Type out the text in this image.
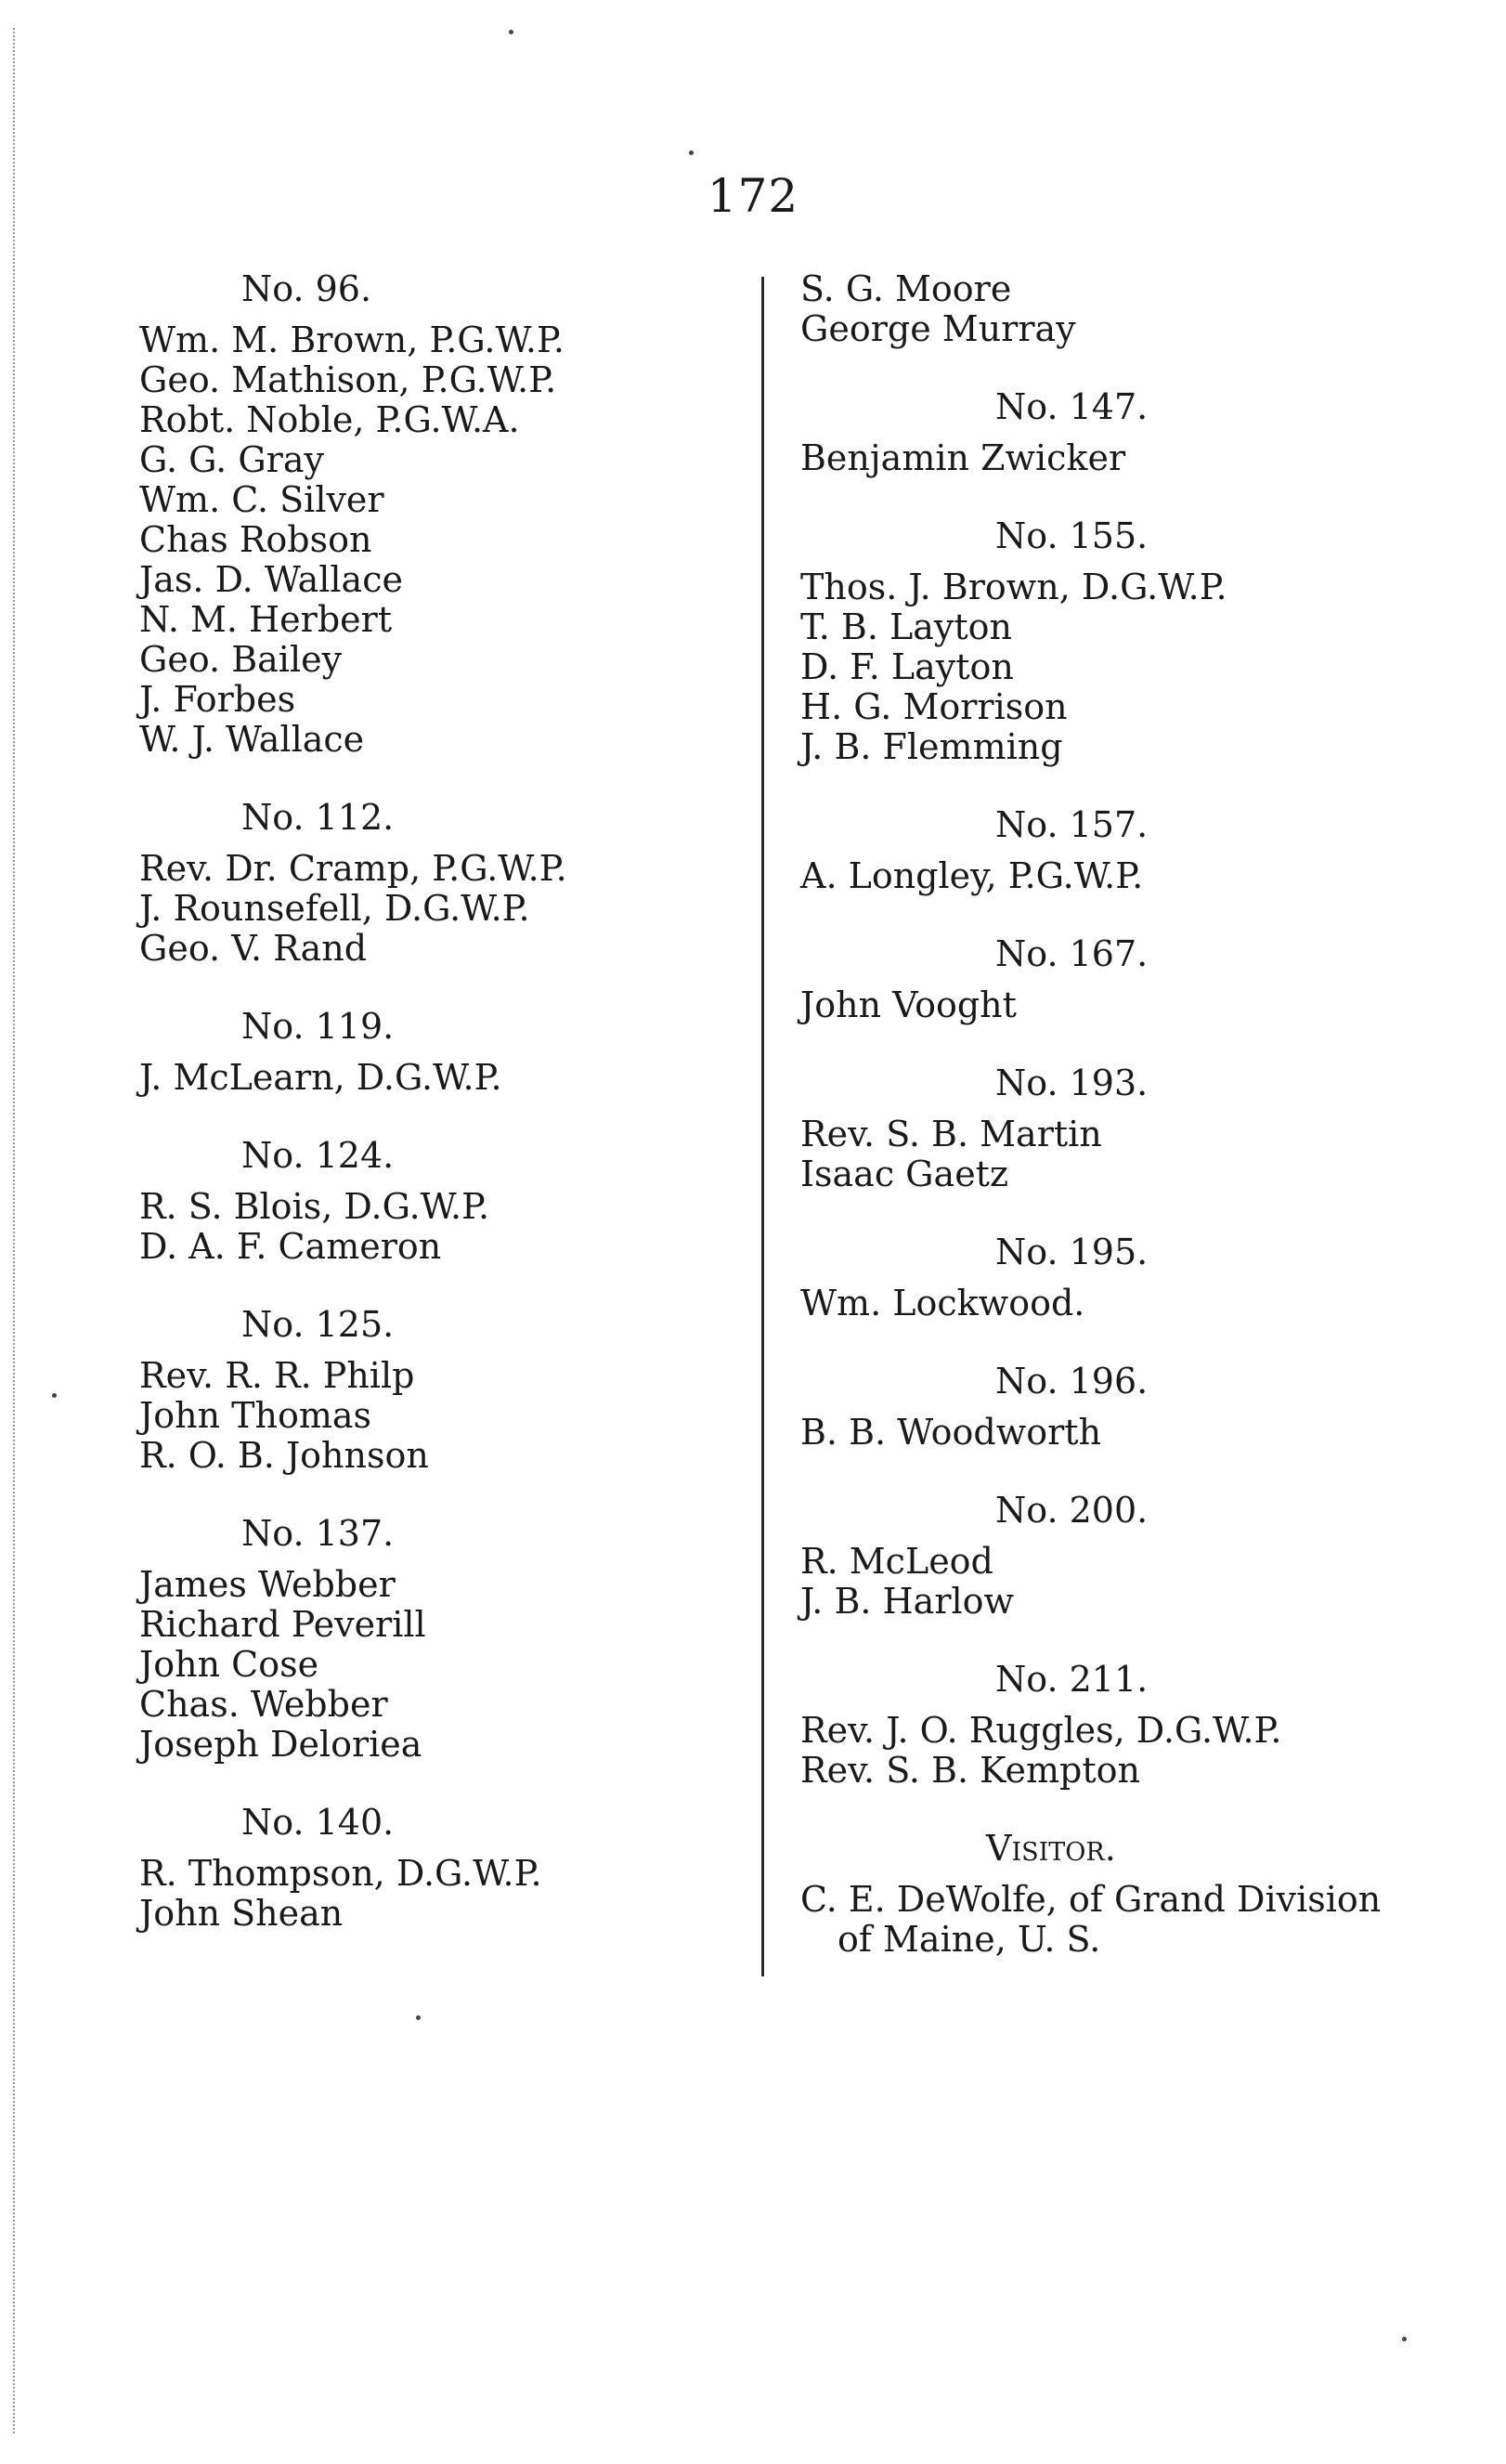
172
No. 96.
Wm. M. Brown, P.G.W.P.
Geo. Mathison, P.G.W.P.
Robt. Noble, P.G.W.A.
G. G. Gray
Wm. C. Silver
Chas Robson
Jas. D. Wallace
N. M. Herbert
Geo. Bailey
J. Forbes
W. J. Wallace
No. 112.
Rev. Dr. Cramp, P.G.W.P.
J. Rounsefell, D.G.W.P.
Geo. V. Rand
No. 119.
J. McLearn, D.G.W.P.
No. 124.
R. S. Blois, D.G.W.P.
D. A. F. Cameron
No. 125.
Rev. R. R. Philp
John Thomas
R. O. B. Johnson
No. 137.
James Webber
Richard Peverill
John Cose
Chas. Webber
Joseph Deloriea
No. 140.
R. Thompson, D.G.W.P.
John Shean
S. G. Moore
George Murray
No. 147.
Benjamin Zwicker
No. 155.
Thos. J. Brown, D.G.W.P.
T. B. Layton
D. F. Layton
H. G. Morrison
J. B. Flemming
No. 157.
A. Longley, P.G.W.P.
No. 167.
John Vooght
No. 193.
Rev. S. B. Martin
Isaac Gaetz
No. 195.
Wm. Lockwood.
No. 196.
B. B. Woodworth
No. 200.
R. McLeod
J. B. Harlow
No. 211.
Rev. J. O. Ruggles, D.G.W.P.
Rev. S. B. Kempton
Visitor.
C. E. DeWolfe, of Grand Division
of Maine, U. S.
